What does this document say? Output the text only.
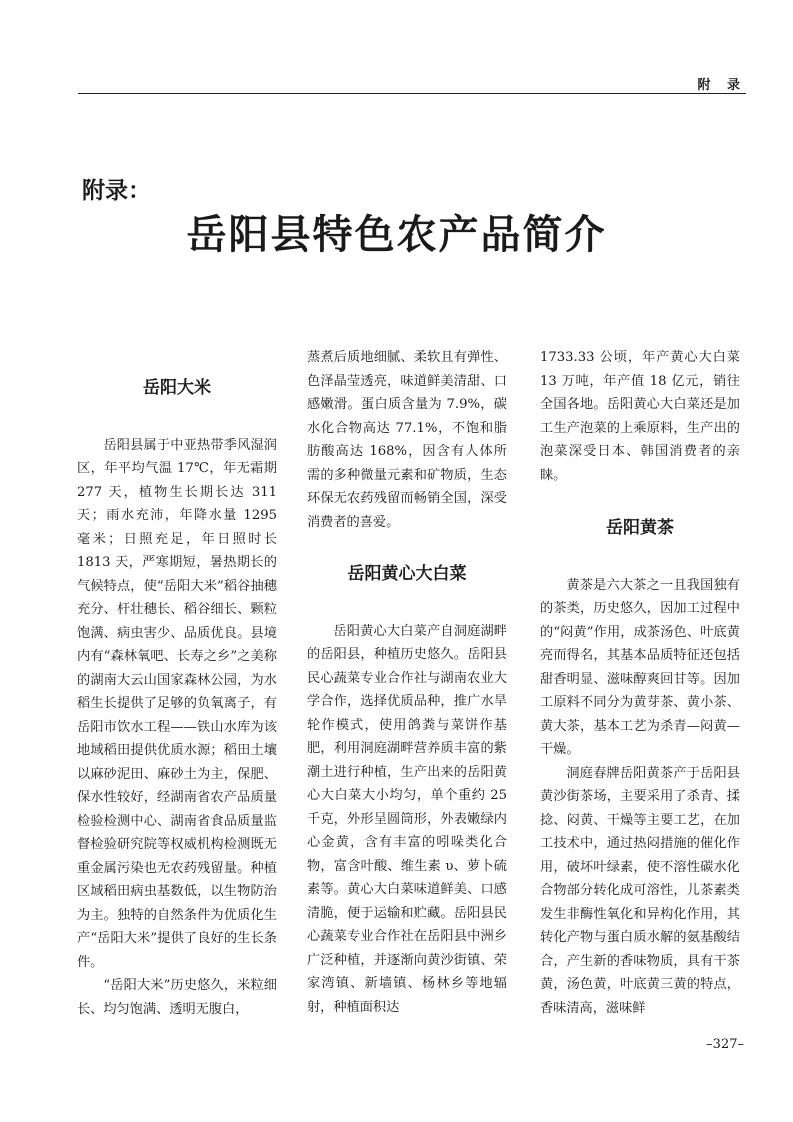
附 录
附录：
岳阳县特色农产品简介
岳阳大米

岳阳县属于中亚热带季风湿润区，年平均气温 17℃，年无霜期 277 天，植物生长期长达 311 天；雨水充沛，年降水量 1295 毫米；日照充足，年日照时长 1813 天，严寒期短，暑热期长的气候特点，使“岳阳大米”稻谷抽穗充分、杆壮穗长、稻谷细长、颗粒饱满、病虫害少、品质优良。县境内有“森林氧吧、长寿之乡”之美称的湖南大云山国家森林公园，为水稻生长提供了足够的负氧离子，有岳阳市饮水工程——铁山水库为该地域稻田提供优质水源；稻田土壤以麻砂泥田、麻砂土为主，保肥、保水性较好，经湖南省农产品质量检验检测中心、湖南省食品质量监督检验研究院等权威机构检测既无重金属污染也无农药残留量。种植区域稻田病虫基数低，以生物防治为主。独特的自然条件为优质化生产“岳阳大米”提供了良好的生长条件。

“岳阳大米”历史悠久，米粒细长、均匀饱满、透明无腹白，

蒸煮后质地细腻、柔软且有弹性、色泽晶莹透亮，味道鲜美清甜、口感嫩滑。蛋白质含量为 7.9%，碳水化合物高达 77.1%，不饱和脂肪酸高达 168%，因含有人体所需的多种微量元素和矿物质，生态环保无农药残留而畅销全国，深受消费者的喜爱。

岳阳黄心大白菜

岳阳黄心大白菜产自洞庭湖畔的岳阳县，种植历史悠久。岳阳县民心蔬菜专业合作社与湖南农业大学合作，选择优质品种，推广水旱轮作模式，使用鸽粪与菜饼作基肥，利用洞庭湖畔营养质丰富的紫潮土进行种植，生产出来的岳阳黄心大白菜大小均匀，单个重约 25 千克，外形呈圆筒形，外表嫩绿内心金黄，含有丰富的吲哚类化合物，富含叶酸、维生素 υ、萝卜硫素等。黄心大白菜味道鲜美、口感清脆，便于运输和贮藏。岳阳县民心蔬菜专业合作社在岳阳县中洲乡广泛种植，并逐渐向黄沙街镇、荣家湾镇、新墙镇、杨林乡等地辐射，种植面积达

1733.33 公顷，年产黄心大白菜 13 万吨，年产值 18 亿元，销往全国各地。岳阳黄心大白菜还是加工生产泡菜的上乘原料，生产出的泡菜深受日本、韩国消费者的亲睐。

岳阳黄茶

黄茶是六大茶之一且我国独有的茶类，历史悠久，因加工过程中的“闷黄”作用，成茶汤色、叶底黄亮而得名，其基本品质特征还包括甜香明显、滋味醇爽回甘等。因加工原料不同分为黄芽茶、黄小茶、黄大茶，基本工艺为杀青—闷黄—干燥。

洞庭春牌岳阳黄茶产于岳阳县黄沙街茶场，主要采用了杀青、揉捻、闷黄、干燥等主要工艺，在加工技术中，通过热闷措施的催化作用，破坏叶绿素，使不溶性碳水化合物部分转化成可溶性，儿茶素类发生非酶性氧化和异构化作用，其转化产物与蛋白质水解的氨基酸结合，产生新的香味物质，具有干茶黄，汤色黄，叶底黄三黄的特点，香味清高，滋味鲜

–327–
